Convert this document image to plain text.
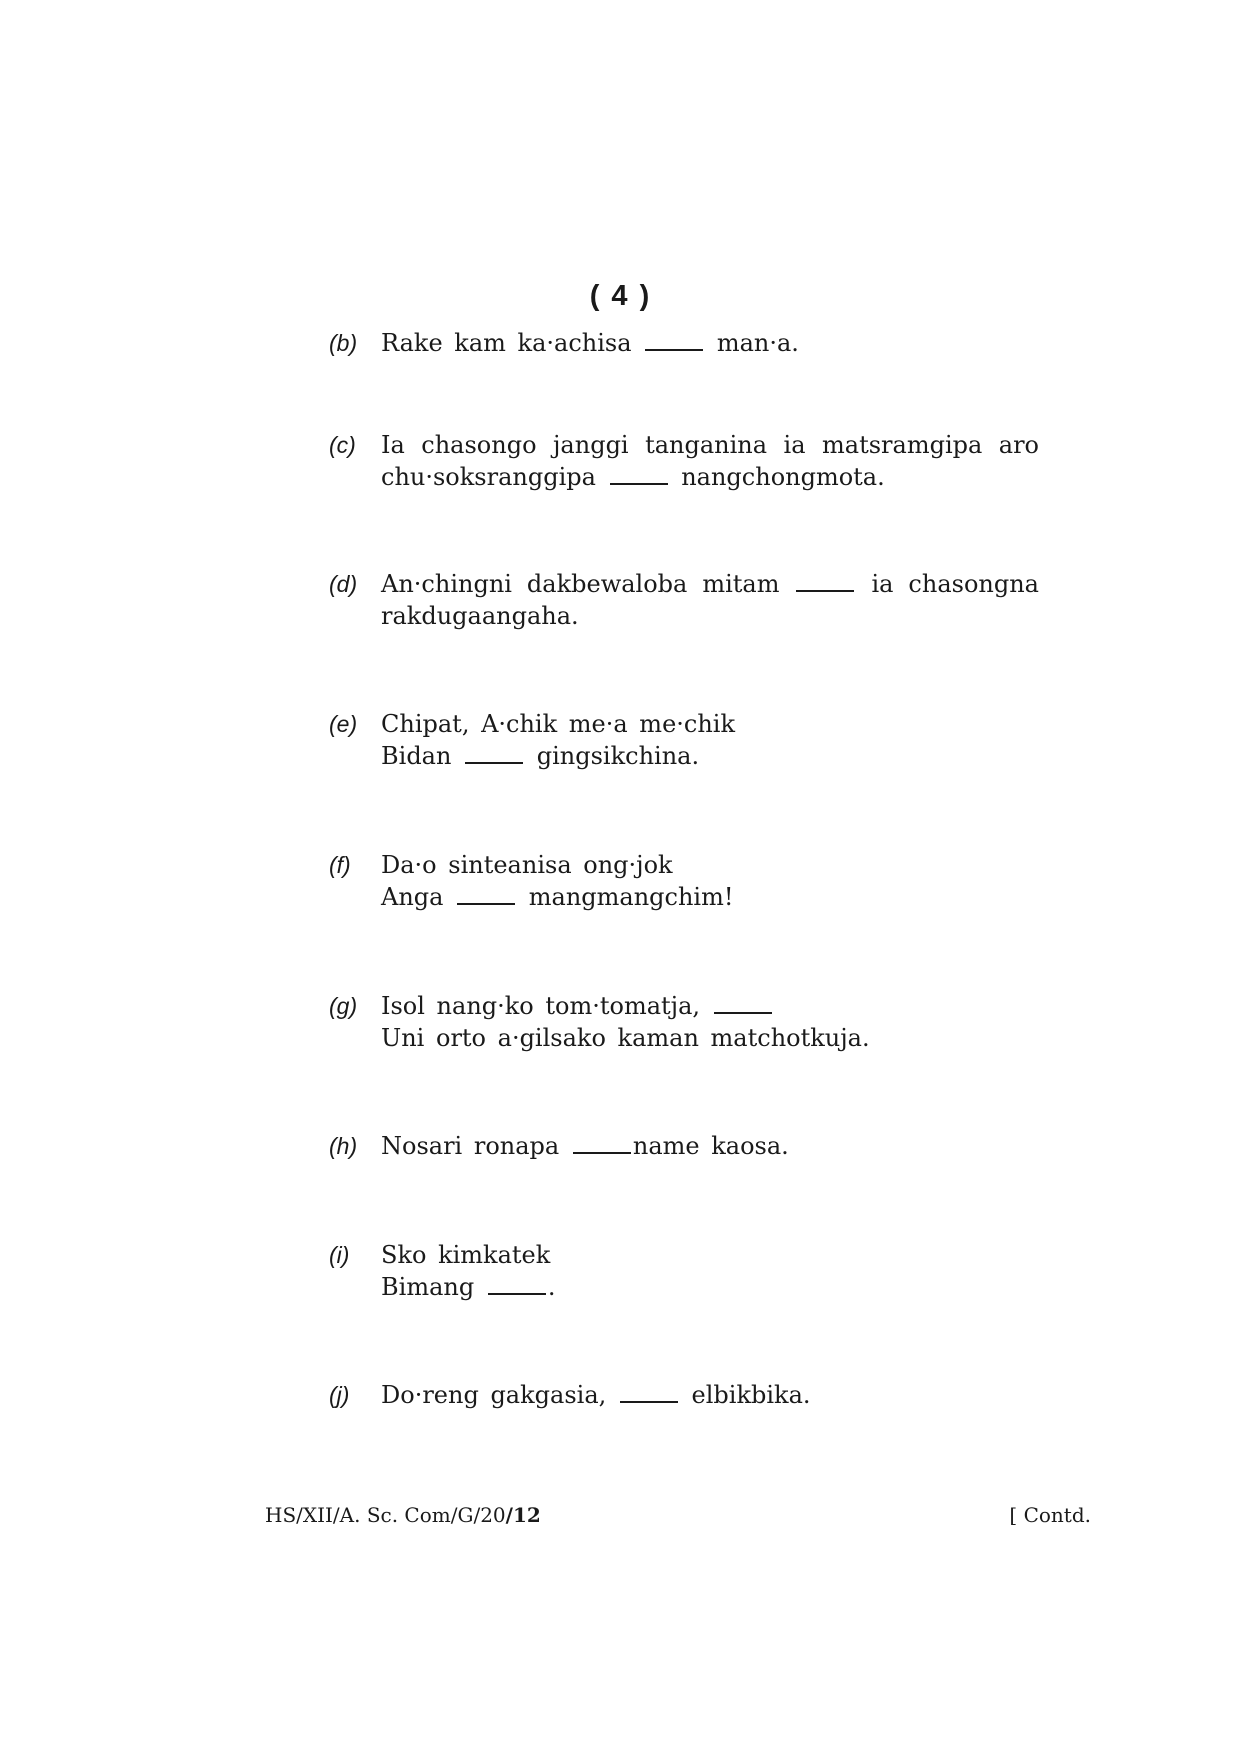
( 4 )
(b) Rake kam ka·achisa	man·a.
(c) Ia chasongo janggi tanganina ia matsramgipa aro
chu·soksranggipa	nangchongmota.
(d) An·chingni dakbewaloba mitam	ia chasongna
rakdugaangaha.
(e) Chipat, A·chik me·a me·chik
Bidan	gingsikchina.
(f) Da·o sinteanisa ong·jok
Anga	mangmangchim!
(g) Isol nang·ko tom·tomatja,
Uni orto a·gilsako kaman matchotkuja.
(h) Nosari ronapa	name kaosa.
(i) Sko kimkatek
Bimang	.
(j) Do·reng gakgasia,	elbikbika.
HS/XII/A. Sc. Com/G/20/12	[ Contd.
